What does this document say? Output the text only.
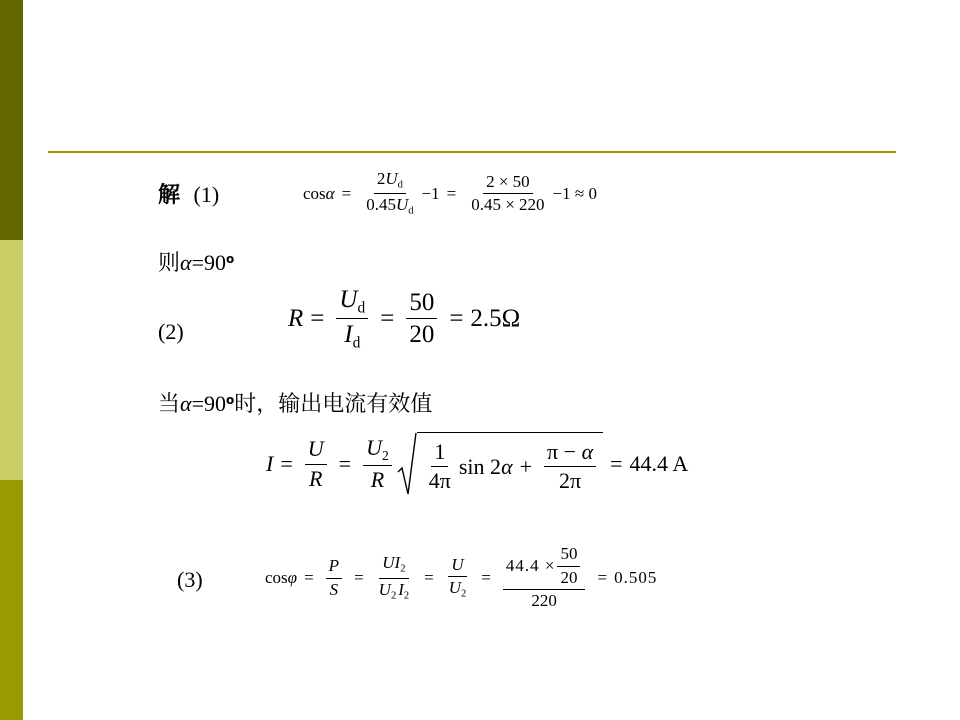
解 (1)	$\cos\alpha = \frac{2U_d}{0.45U_d} -1 = \frac{2 \times 50}{0.45 \times 220} -1 \approx 0$
则$\alpha=90^o$
(2)	$R = \frac{U_d}{I_d} = \frac{50}{20} = 2.5\Omega$
当$\alpha=90^o$时，输出电流有效值
$I = \frac{U}{R} = \frac{U_2}{R} \frac{1}{4\pi}$ $\sin 2\alpha + \frac{\pi - \alpha}{2\pi} = 44.4$ A
(3)	$\cos\varphi = \frac{P}{S} = \frac{UI_2}{U_2 I_2} = \frac{U}{U_2} = \frac{44.4 \times \frac{50}{20}}{220} = 0.505$
